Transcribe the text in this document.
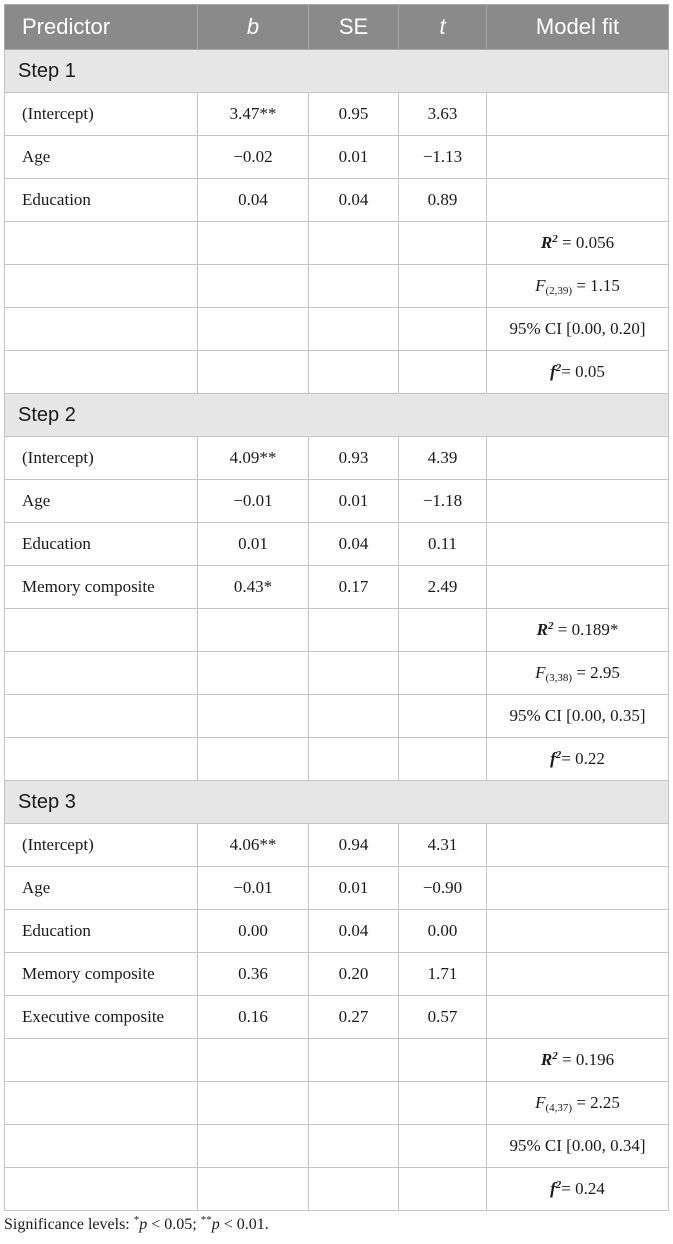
Predictor	b	SE	t	Model fit
Step 1				
(Intercept)	3.47**	0.95	3.63	
Age	−0.02	0.01	−1.13	
Education	0.04	0.04	0.89	
				$R^2 = 0.056$
				$F_{(2,39)} = 1.15$
				95% CI [0.00, 0.20]
				$f^2= 0.05$
Step 2				
(Intercept)	4.09**	0.93	4.39	
Age	−0.01	0.01	−1.18	
Education	0.01	0.04	0.11	
Memory composite	0.43*	0.17	2.49	
				$R^2 = 0.189*$
				$F_{(3,38)} = 2.95$
				95% CI [0.00, 0.35]
				$f^2= 0.22$
Step 3				
(Intercept)	4.06**	0.94	4.31	
Age	−0.01	0.01	−0.90	
Education	0.00	0.04	0.00	
Memory composite	0.36	0.20	1.71	
Executive composite	0.16	0.27	0.57	
				$R^2 = 0.196$
				$F_{(4,37)} = 2.25$
				95% CI [0.00, 0.34]
				$f^2= 0.24$
Significance levels: *p < 0.05; **p < 0.01.
